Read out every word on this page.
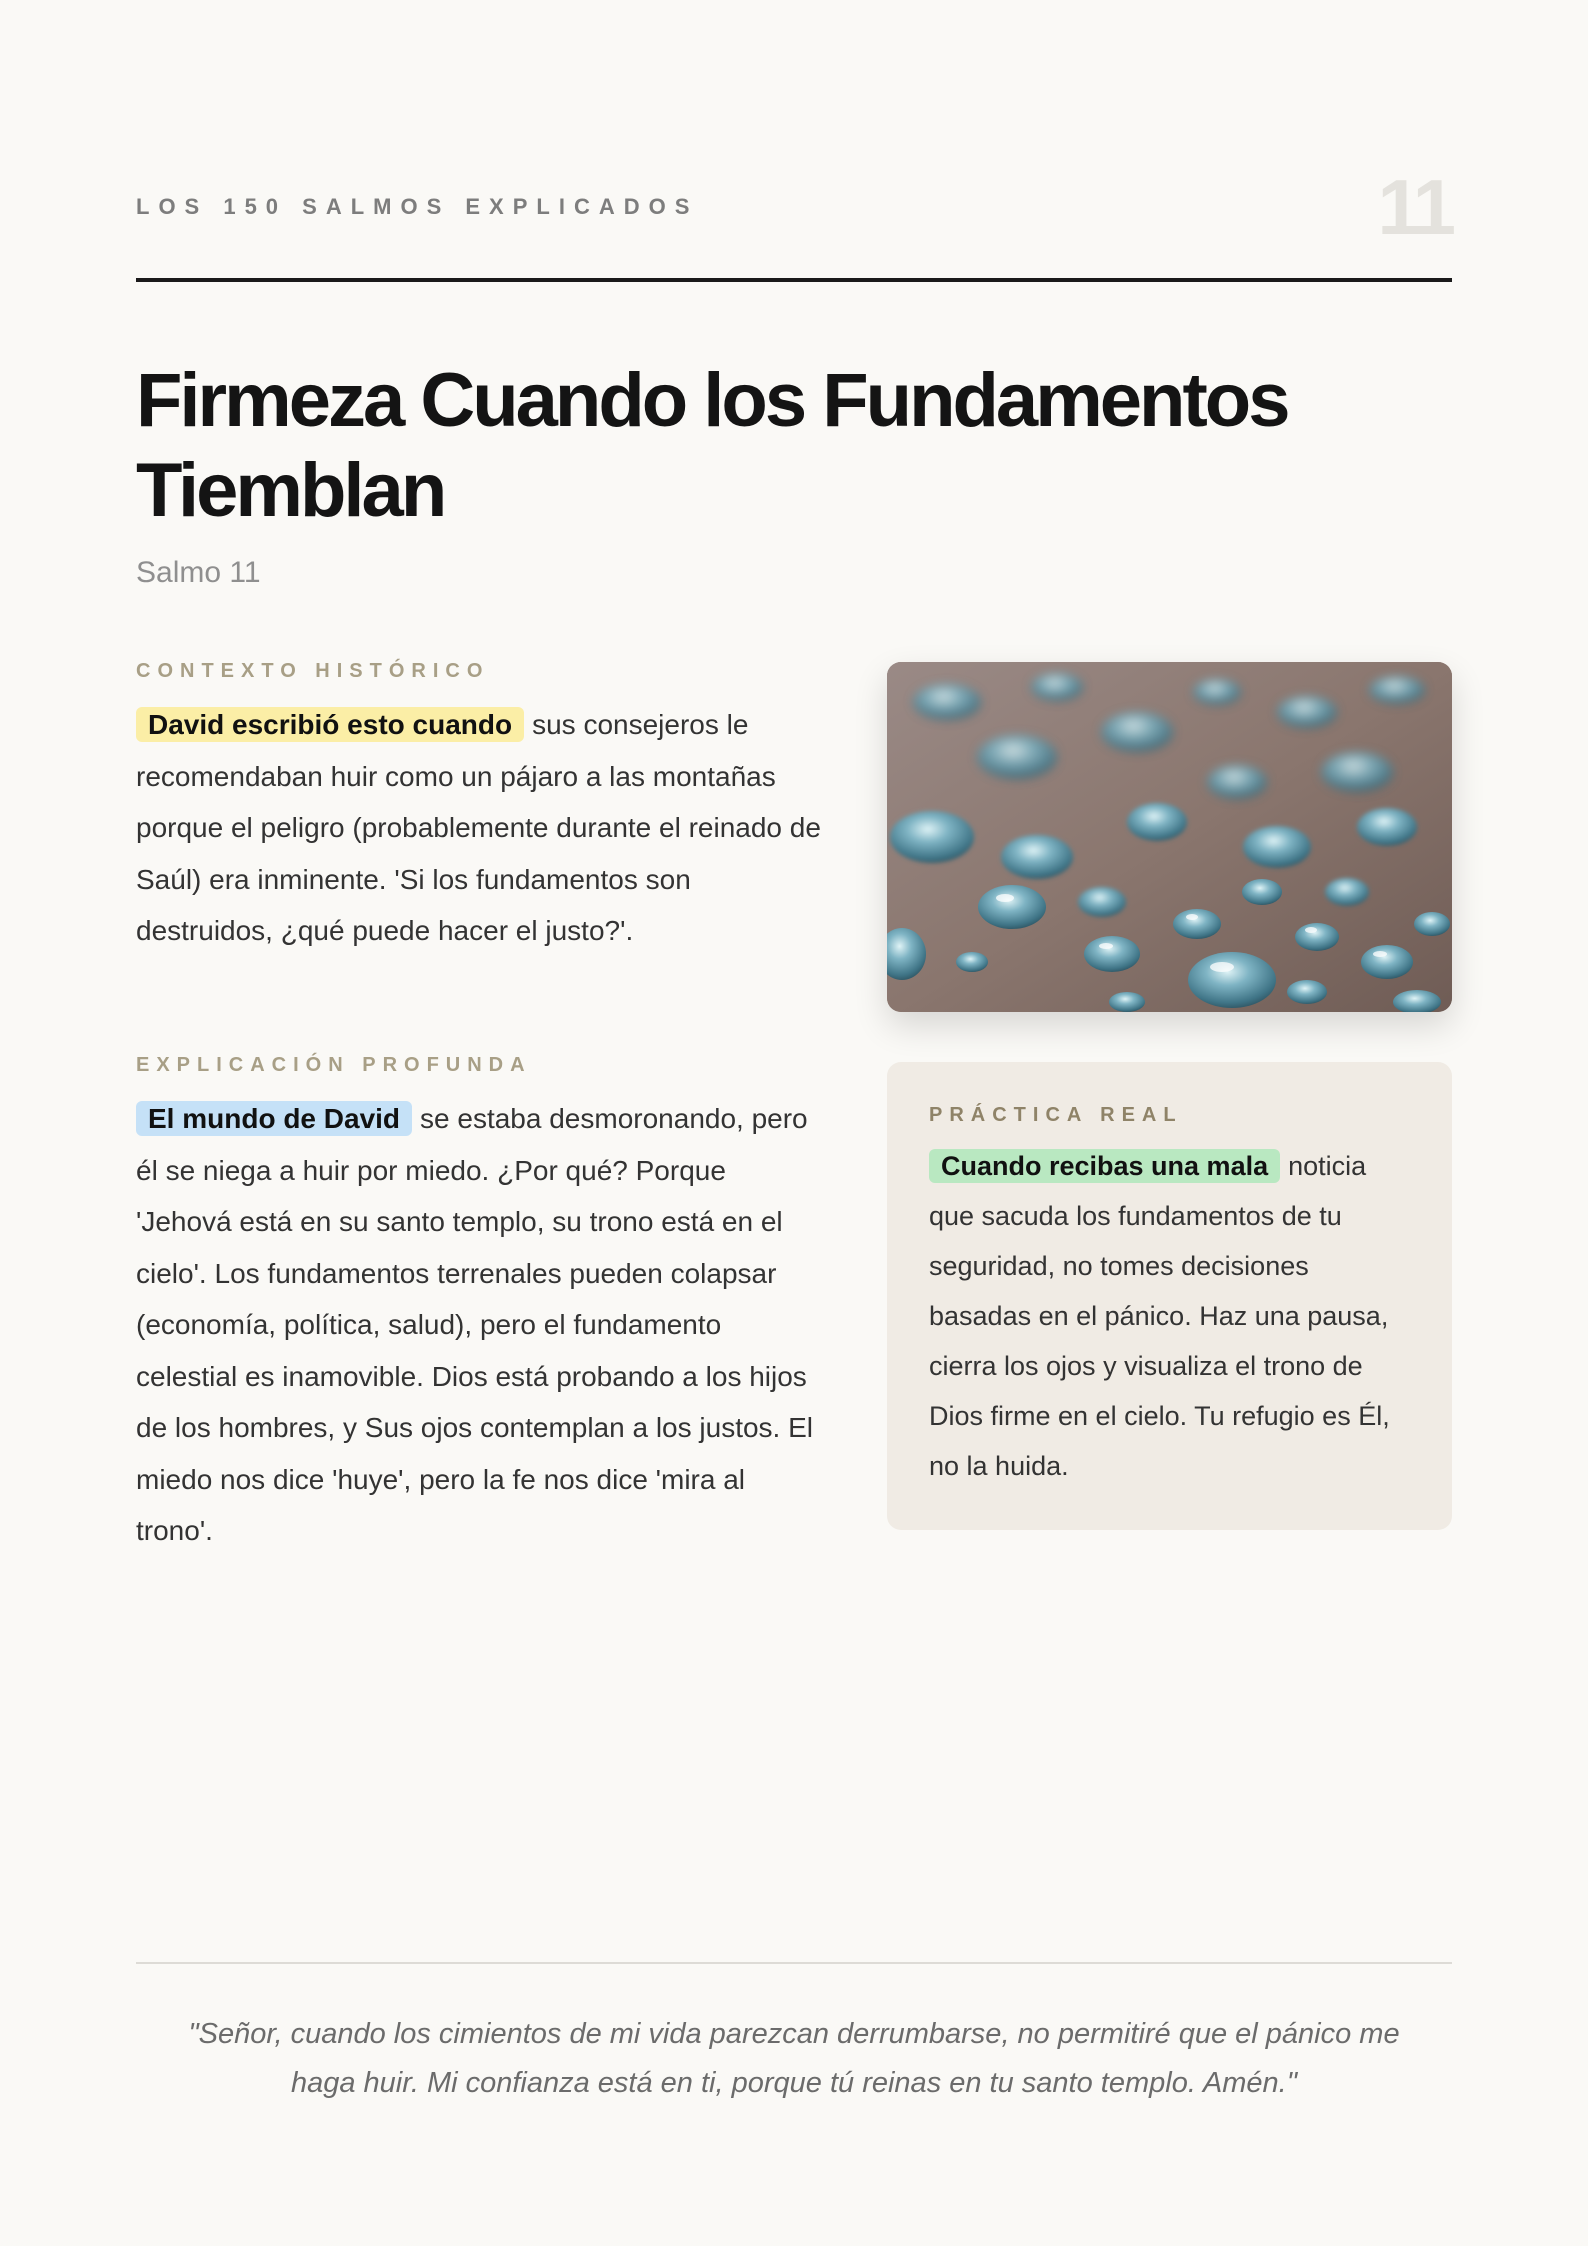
LOS 150 SALMOS EXPLICADOS	11
Firmeza Cuando los Fundamentos Tiemblan
Salmo 11
CONTEXTO HISTÓRICO

David escribió esto cuando sus consejeros le recomendaban huir como un pájaro a las montañas porque el peligro (probablemente durante el reinado de Saúl) era inminente. 'Si los fundamentos son destruidos, ¿qué puede hacer el justo?'.

EXPLICACIÓN PROFUNDA

El mundo de David se estaba desmoronando, pero él se niega a huir por miedo. ¿Por qué? Porque 'Jehová está en su santo templo, su trono está en el cielo'. Los fundamentos terrenales pueden colapsar (economía, política, salud), pero el fundamento celestial es inamovible. Dios está probando a los hijos de los hombres, y Sus ojos contemplan a los justos. El miedo nos dice 'huye', pero la fe nos dice 'mira al trono'.

PRÁCTICA REAL

Cuando recibas una mala noticia que sacuda los fundamentos de tu seguridad, no tomes decisiones basadas en el pánico. Haz una pausa, cierra los ojos y visualiza el trono de Dios firme en el cielo. Tu refugio es Él, no la huida.

"Señor, cuando los cimientos de mi vida parezcan derrumbarse, no permitiré que el pánico me haga huir. Mi confianza está en ti, porque tú reinas en tu santo templo. Amén."
